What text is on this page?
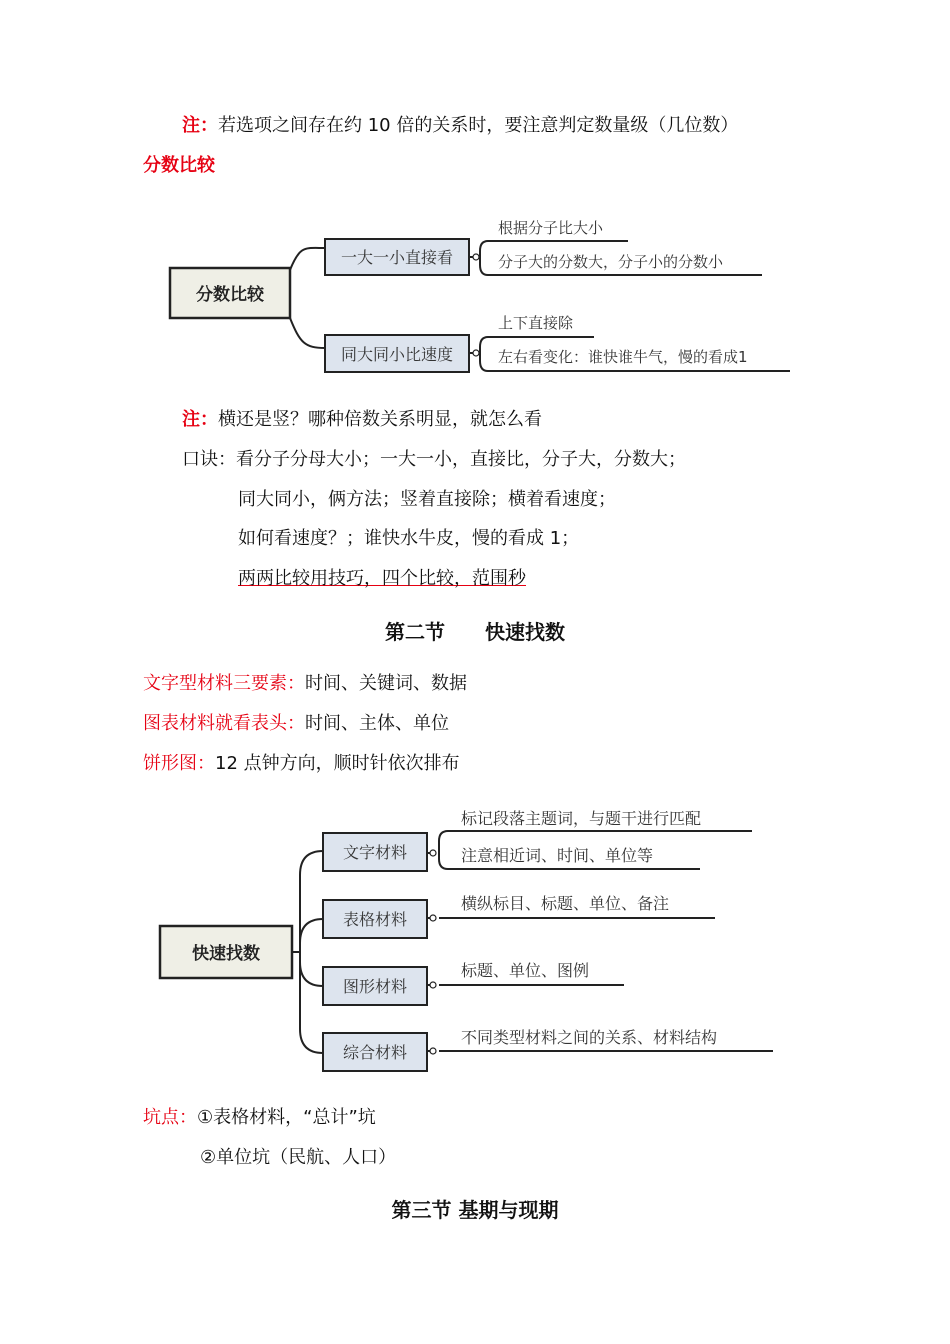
注：若选项之间存在约 10 倍的关系时，要注意判定数量级（几位数）
分数比较
分数比较
一大一小直接看
同大同小比速度
根据分子比大小
分子大的分数大，分子小的分数小
上下直接除
左右看变化：谁快谁牛气，慢的看成1
注：横还是竖？哪种倍数关系明显，就怎么看
口诀：看分子分母大小；一大一小，直接比，分子大，分数大；
同大同小，俩方法；竖着直接除；横着看速度；
如何看速度？；谁快水牛皮，慢的看成 1；
两两比较用技巧，四个比较，范围秒
第二节　　快速找数
文字型材料三要素：时间、关键词、数据
图表材料就看表头：时间、主体、单位
饼形图：12 点钟方向，顺时针依次排布
快速找数
文字材料
表格材料
图形材料
综合材料
标记段落主题词，与题干进行匹配
注意相近词、时间、单位等
横纵标目、标题、单位、备注
标题、单位、图例
不同类型材料之间的关系、材料结构
坑点：①表格材料，“总计”坑
②单位坑（民航、人口）
第三节 基期与现期
